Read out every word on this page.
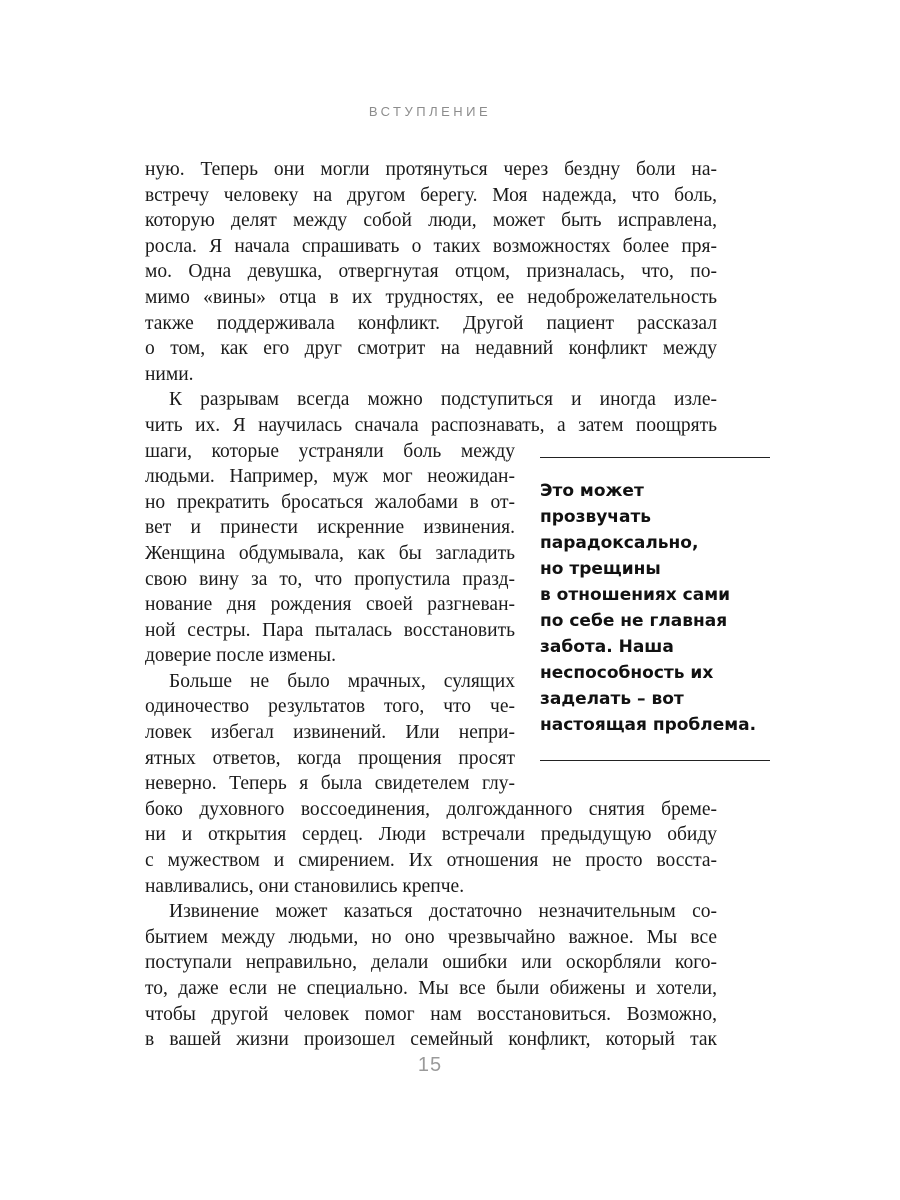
ВСТУПЛЕНИЕ
ную. Теперь они могли протянуться через бездну боли на-
встречу человеку на другом берегу. Моя надежда, что боль,
которую делят между собой люди, может быть исправлена,
росла. Я начала спрашивать о таких возможностях более пря-
мо. Одна девушка, отвергнутая отцом, призналась, что, по-
мимо «вины» отца в их трудностях, ее недоброжелательность
также поддерживала конфликт. Другой пациент рассказал
о том, как его друг смотрит на недавний конфликт между
ними.
К разрывам всегда можно подступиться и иногда изле-
чить их. Я научилась сначала распознавать, а затем поощрять
шаги, которые устраняли боль между
людьми. Например, муж мог неожидан-
но прекратить бросаться жалобами в от-
вет и принести искренние извинения.
Женщина обдумывала, как бы загладить
свою вину за то, что пропустила празд-
нование дня рождения своей разгневан-
ной сестры. Пара пыталась восстановить
доверие после измены.
Больше не было мрачных, сулящих
одиночество результатов того, что че-
ловек избегал извинений. Или непри-
ятных ответов, когда прощения просят
неверно. Теперь я была свидетелем глу-
боко духовного воссоединения, долгожданного снятия бреме-
ни и открытия сердец. Люди встречали предыдущую обиду
с мужеством и смирением. Их отношения не просто восста-
навливались, они становились крепче.
Извинение может казаться достаточно незначительным со-
бытием между людьми, но оно чрезвычайно важное. Мы все
поступали неправильно, делали ошибки или оскорбляли кого-
то, даже если не специально. Мы все были обижены и хотели,
чтобы другой человек помог нам восстановиться. Возможно,
в вашей жизни произошел семейный конфликт, который так
Это может
прозвучать
парадоксально,
но трещины
в отношениях сами
по себе не главная
забота. Наша
неспособность их
заделать – вот
настоящая проблема.
15
